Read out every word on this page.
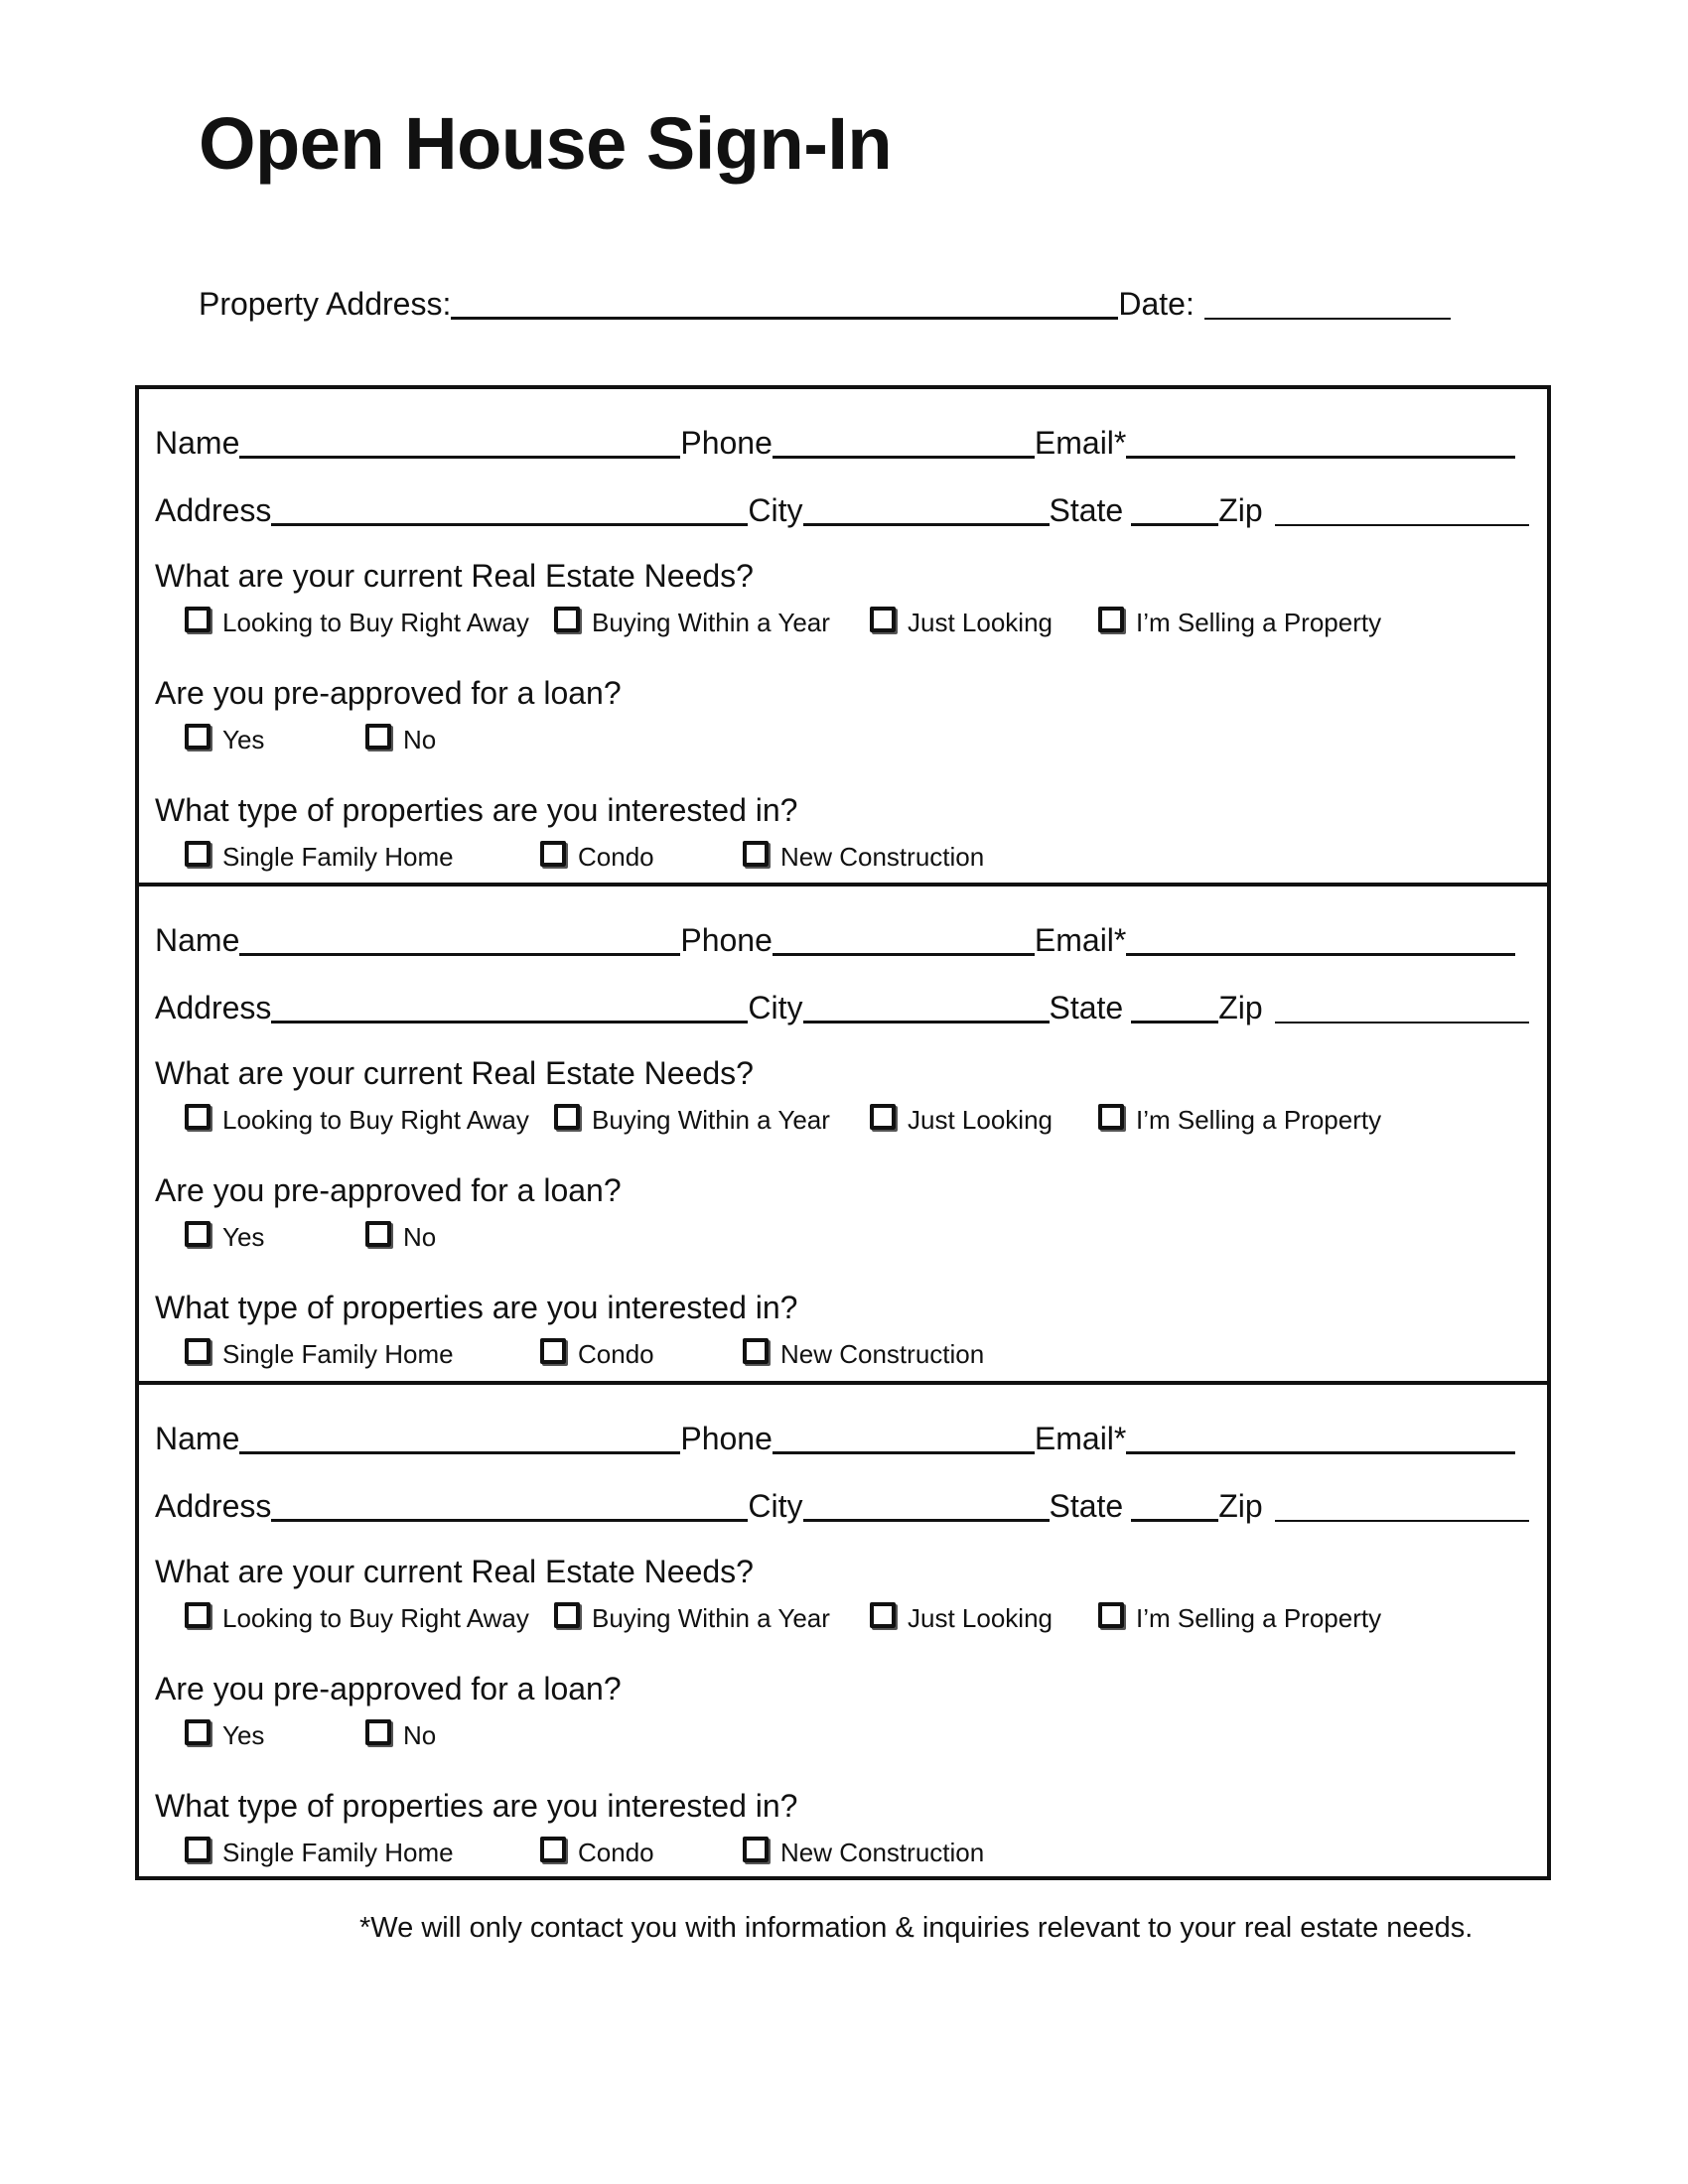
Open House Sign-In
Property Address:	Date:
Name	Phone	Email*
Address	City	State	Zip
What are your current Real Estate Needs?
Looking to Buy Right Away Buying Within a Year	Just Looking	I’m Selling a Property
Are you pre-approved for a loan?
Yes	No
What type of properties are you interested in?
Single Family Home	Condo	New Construction
Name	Phone	Email*
Address	City	State	Zip
What are your current Real Estate Needs?
Looking to Buy Right Away Buying Within a Year	Just Looking	I’m Selling a Property
Are you pre-approved for a loan?
Yes	No
What type of properties are you interested in?
Single Family Home	Condo	New Construction
Name	Phone	Email*
Address	City	State	Zip
What are your current Real Estate Needs?
Looking to Buy Right Away Buying Within a Year	Just Looking	I’m Selling a Property
Are you pre-approved for a loan?
Yes	No
What type of properties are you interested in?
Single Family Home	Condo	New Construction
*We will only contact you with information & inquiries relevant to your real estate needs.
